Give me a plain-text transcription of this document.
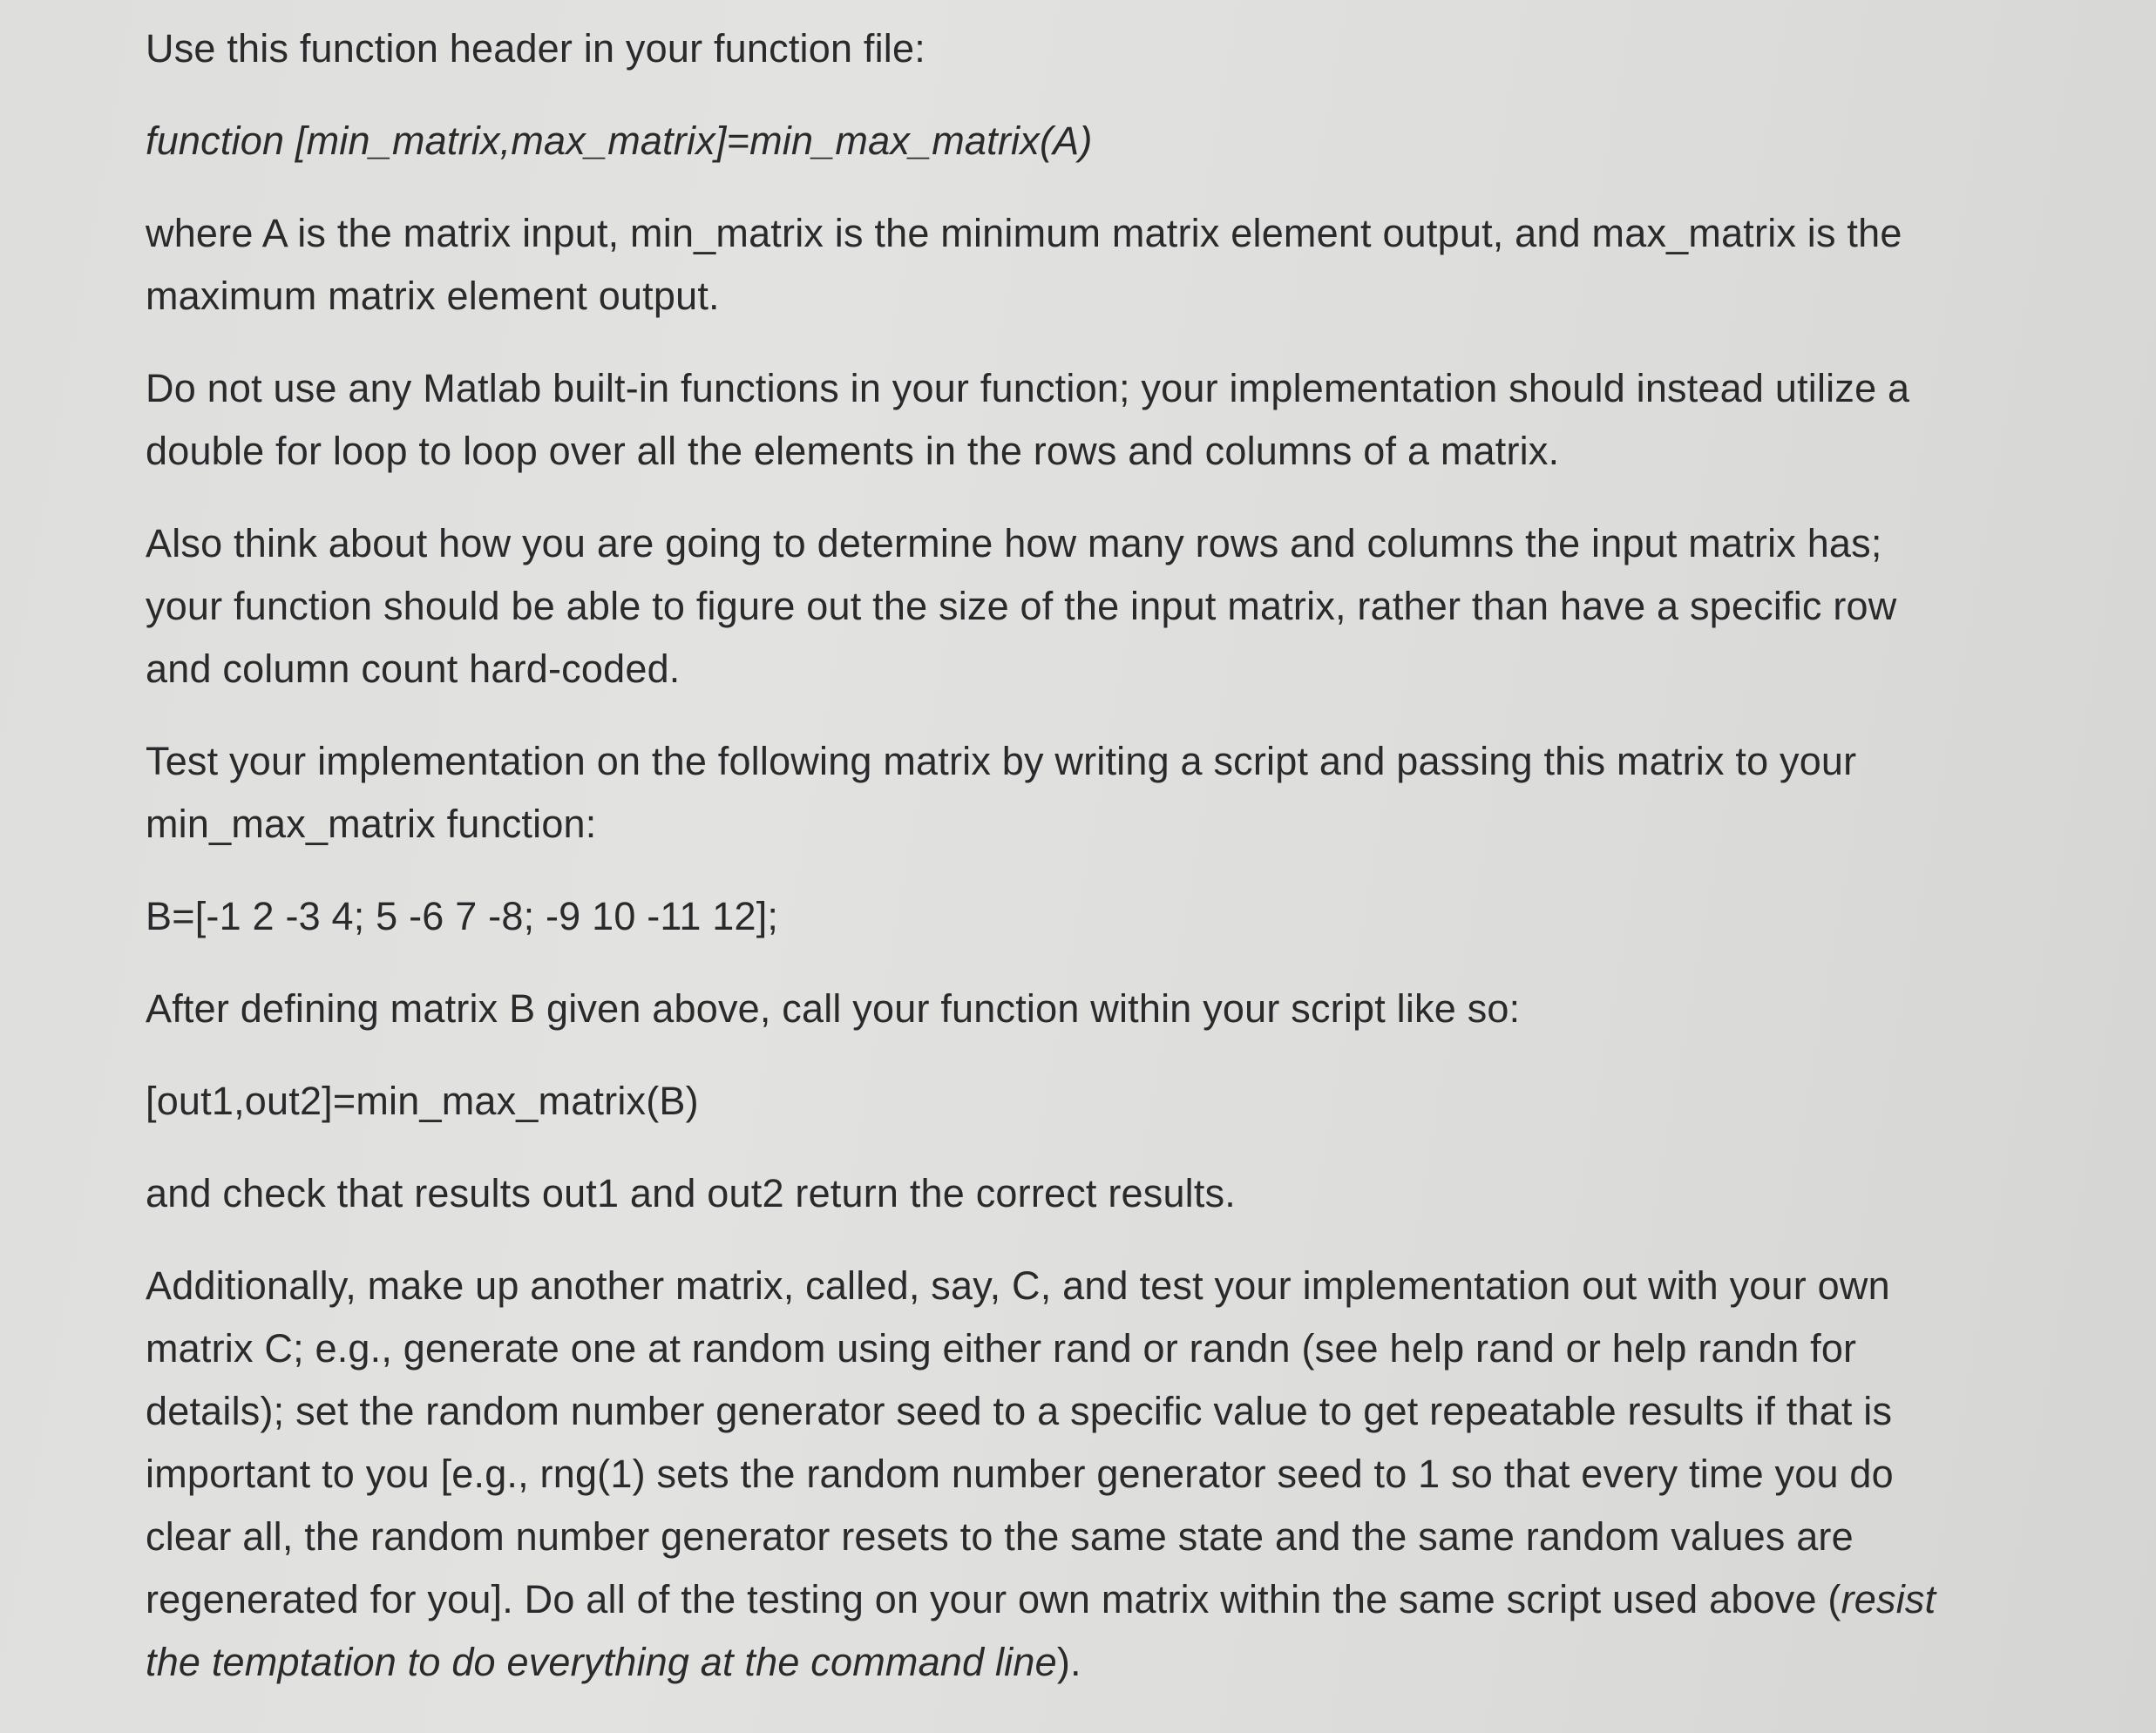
Use this function header in your function file:

function [min_matrix,max_matrix]=min_max_matrix(A)

where A is the matrix input, min_matrix is the minimum matrix element output, and max_matrix is the

maximum matrix element output.

Do not use any Matlab built-in functions in your function; your implementation should instead utilize a

double for loop to loop over all the elements in the rows and columns of a matrix.

Also think about how you are going to determine how many rows and columns the input matrix has;

your function should be able to figure out the size of the input matrix, rather than have a specific row

and column count hard-coded.

Test your implementation on the following matrix by writing a script and passing this matrix to your

min_max_matrix function:

B=[-1 2 -3 4; 5 -6 7 -8; -9 10 -11 12];

After defining matrix B given above, call your function within your script like so:

[out1,out2]=min_max_matrix(B)

and check that results out1 and out2 return the correct results.

Additionally, make up another matrix, called, say, C, and test your implementation out with your own

matrix C; e.g., generate one at random using either rand or randn (see help rand or help randn for

details); set the random number generator seed to a specific value to get repeatable results if that is

important to you [e.g., rng(1) sets the random number generator seed to 1 so that every time you do

clear all, the random number generator resets to the same state and the same random values are

regenerated for you]. Do all of the testing on your own matrix within the same script used above (resist

the temptation to do everything at the command line).
